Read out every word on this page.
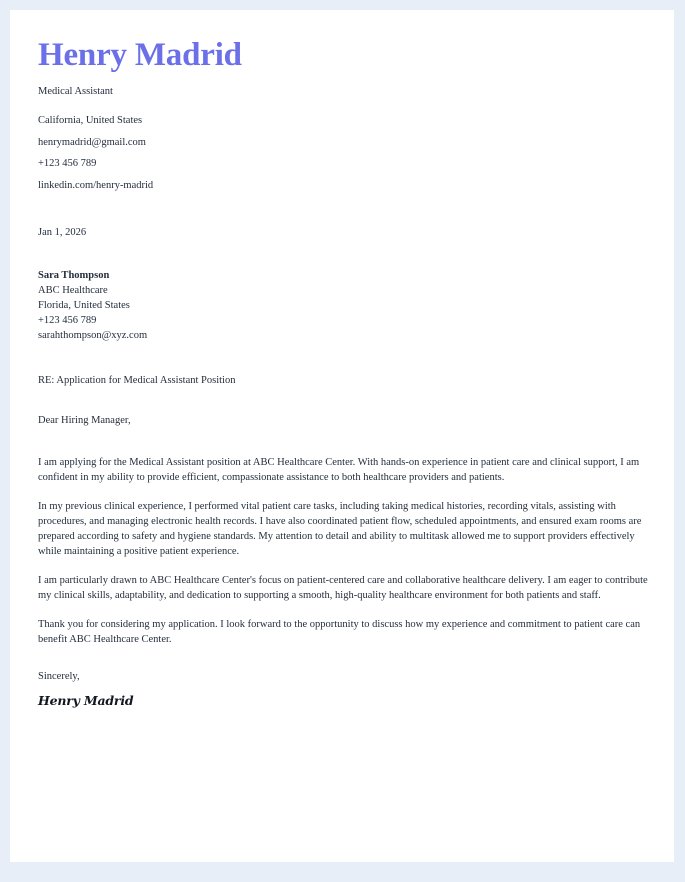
Henry Madrid
Medical Assistant
California, United States
henrymadrid@gmail.com
+123 456 789
linkedin.com/henry-madrid
Jan 1, 2026
Sara Thompson
ABC Healthcare
Florida, United States
+123 456 789
sarahthompson@xyz.com
RE: Application for Medical Assistant Position
Dear Hiring Manager,

I am applying for the Medical Assistant position at ABC Healthcare Center. With hands-on experience in patient care and clinical support, I am confident in my ability to provide efficient, compassionate assistance to both healthcare providers and patients.

In my previous clinical experience, I performed vital patient care tasks, including taking medical histories, recording vitals, assisting with procedures, and managing electronic health records. I have also coordinated patient flow, scheduled appointments, and ensured exam rooms are prepared according to safety and hygiene standards. My attention to detail and ability to multitask allowed me to support providers effectively while maintaining a positive patient experience.

I am particularly drawn to ABC Healthcare Center's focus on patient-centered care and collaborative healthcare delivery. I am eager to contribute my clinical skills, adaptability, and dedication to supporting a smooth, high-quality healthcare environment for both patients and staff.

Thank you for considering my application. I look forward to the opportunity to discuss how my experience and commitment to patient care can benefit ABC Healthcare Center.

Sincerely,
Henry Madrid
